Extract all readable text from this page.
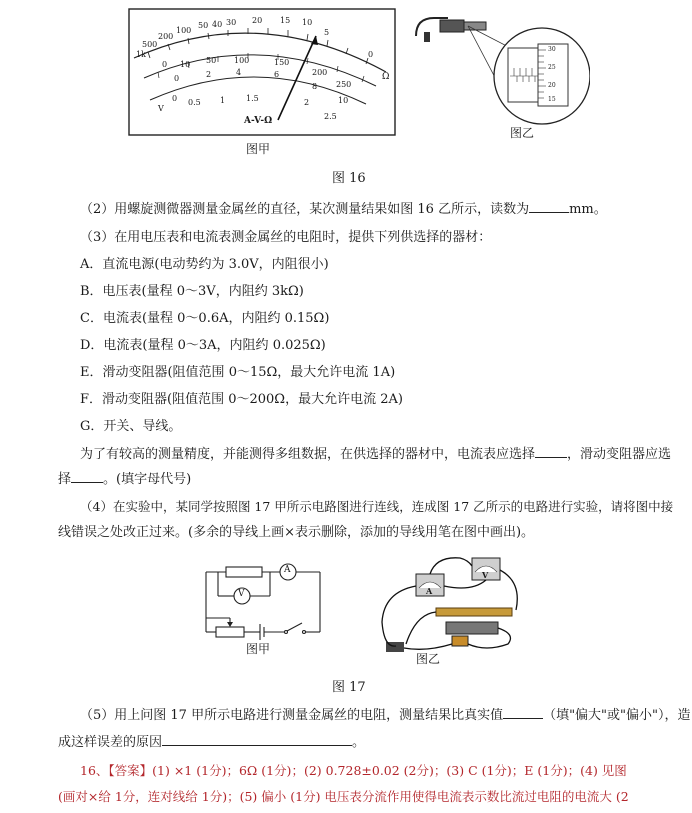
500
1k
200
100
50 40 30 20 15 10
5
0
Ω
0 10 50 100	150
200
250
0	2	4	6
8
10
V
0 0.5 1	1.5	2
2.5
A-V-Ω
图甲
30
25
20
15
图乙
图 16
（2）用螺旋测微器测量金属丝的直径，某次测量结果如图 16 乙所示，读数为	mm。
（3）在用电压表和电流表测金属丝的电阻时，提供下列供选择的器材：
A．直流电源(电动势约为 3.0V，内阻很小)
B．电压表(量程 0～3V，内阻约 3kΩ)
C．电流表(量程 0～0.6A，内阻约 0.15Ω)
D．电流表(量程 0～3A，内阻约 0.025Ω)
E．滑动变阻器(阻值范围 0～15Ω，最大允许电流 1A)
F．滑动变阻器(阻值范围 0～200Ω，最大允许电流 2A)
G．开关、导线。
为了有较高的测量精度，并能测得多组数据，在供选择的器材中，电流表应选择 ，滑动变阻器应选
择 。(填字母代号)
（4）在实验中，某同学按照图 17 甲所示电路图进行连线，连成图 17 乙所示的电路进行实验，请将图中接
线错误之处改正过来。(多余的导线上画×表示删除，添加的导线用笔在图中画出)。
A
V
图甲
A
V
图乙
图 17
（5）用上问图 17 甲所示电路进行测量金属丝的电阻，测量结果比真实值	（填"偏大"或"偏小"），造
成这样误差的原因	。
16、【答案】(1) ×1 (1分)；6Ω (1分)；(2) 0.728±0.02 (2分)；(3) C (1分)；E (1分)；(4) 见图
(画对×给 1分，连对线给 1分)；(5) 偏小 (1分) 电压表分流作用使得电流表示数比流过电阻的电流大 (2
